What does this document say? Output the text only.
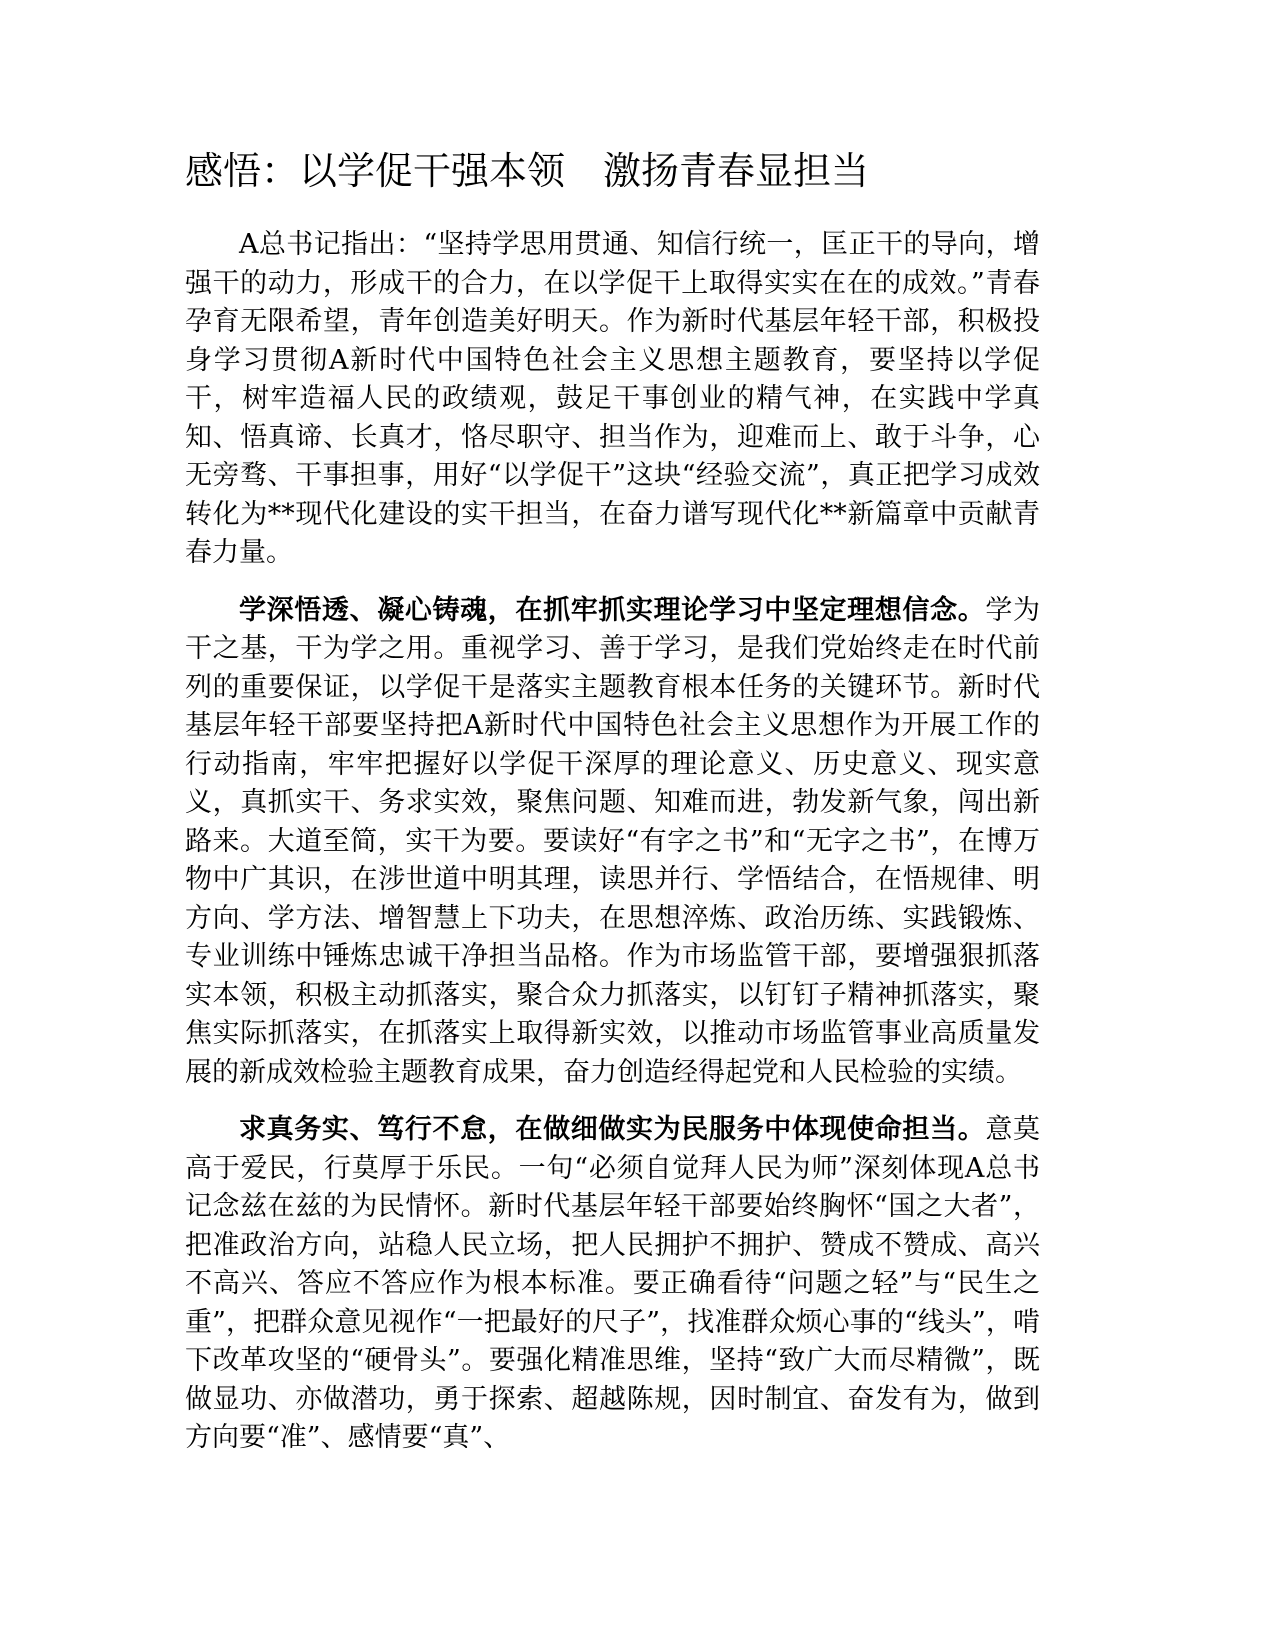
感悟：以学促干强本领　激扬青春显担当

A总书记指出：“坚持学思用贯通、知信行统一，匡正干的导向，增强干的动力，形成干的合力，在以学促干上取得实实在在的成效。”青春孕育无限希望，青年创造美好明天。作为新时代基层年轻干部，积极投身学习贯彻A新时代中国特色社会主义思想主题教育，要坚持以学促干，树牢造福人民的政绩观，鼓足干事创业的精气神，在实践中学真知、悟真谛、长真才，恪尽职守、担当作为，迎难而上、敢于斗争，心无旁骛、干事担事，用好“以学促干”这块“经验交流”，真正把学习成效转化为**现代化建设的实干担当，在奋力谱写现代化**新篇章中贡献青春力量。

学深悟透、凝心铸魂，在抓牢抓实理论学习中坚定理想信念。学为干之基，干为学之用。重视学习、善于学习，是我们党始终走在时代前列的重要保证，以学促干是落实主题教育根本任务的关键环节。新时代基层年轻干部要坚持把A新时代中国特色社会主义思想作为开展工作的行动指南，牢牢把握好以学促干深厚的理论意义、历史意义、现实意义，真抓实干、务求实效，聚焦问题、知难而进，勃发新气象，闯出新路来。大道至简，实干为要。要读好“有字之书”和“无字之书”，在博万物中广其识，在涉世道中明其理，读思并行、学悟结合，在悟规律、明方向、学方法、增智慧上下功夫，在思想淬炼、政治历练、实践锻炼、专业训练中锤炼忠诚干净担当品格。作为市场监管干部，要增强狠抓落实本领，积极主动抓落实，聚合众力抓落实，以钉钉子精神抓落实，聚焦实际抓落实，在抓落实上取得新实效，以推动市场监管事业高质量发展的新成效检验主题教育成果，奋力创造经得起党和人民检验的实绩。

求真务实、笃行不怠，在做细做实为民服务中体现使命担当。意莫高于爱民，行莫厚于乐民。一句“必须自觉拜人民为师”深刻体现A总书记念兹在兹的为民情怀。新时代基层年轻干部要始终胸怀“国之大者”，把准政治方向，站稳人民立场，把人民拥护不拥护、赞成不赞成、高兴不高兴、答应不答应作为根本标准。要正确看待“问题之轻”与“民生之重”，把群众意见视作“一把最好的尺子”，找准群众烦心事的“线头”，啃下改革攻坚的“硬骨头”。要强化精准思维，坚持“致广大而尽精微”，既做显功、亦做潜功，勇于探索、超越陈规，因时制宜、奋发有为，做到方向要“准”、感情要“真”、
